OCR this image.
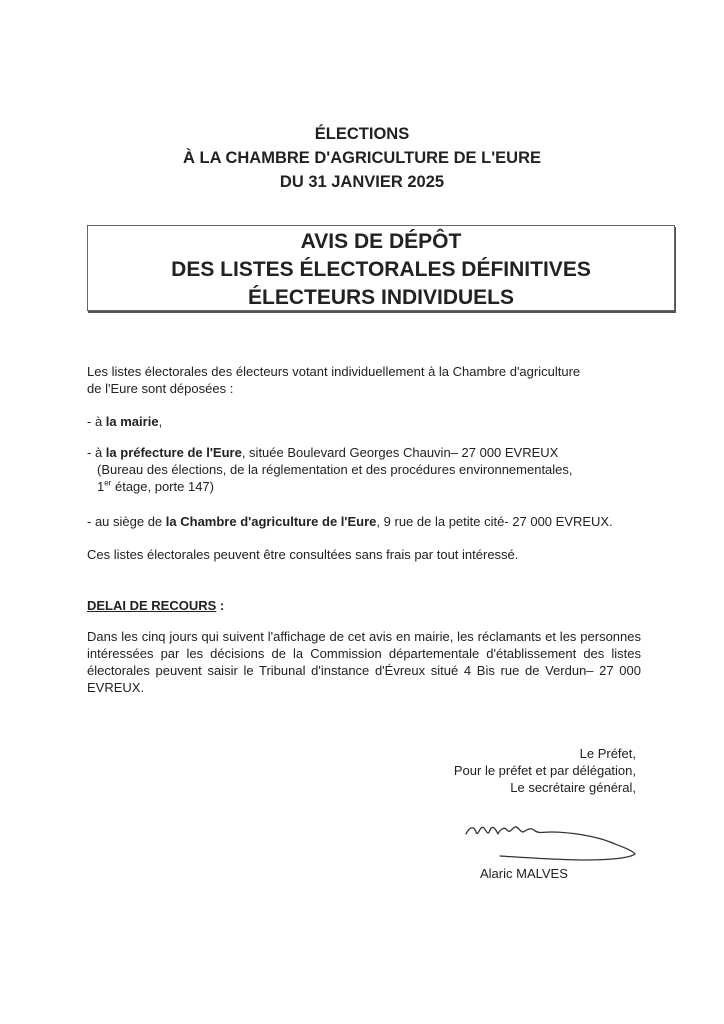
ÉLECTIONS
À LA CHAMBRE D'AGRICULTURE DE L'EURE
DU 31 JANVIER 2025
AVIS DE DÉPÔT
DES LISTES ÉLECTORALES DÉFINITIVES
ÉLECTEURS INDIVIDUELS
Les listes électorales des électeurs votant individuellement à la Chambre d'agriculture
de l'Eure sont déposées :
- à la mairie,
- à la préfecture de l'Eure, située Boulevard Georges Chauvin– 27 000 EVREUX
(Bureau des élections, de la réglementation et des procédures environnementales,
1er étage, porte 147)
- au siège de la Chambre d'agriculture de l'Eure, 9 rue de la petite cité- 27 000 EVREUX.
Ces listes électorales peuvent être consultées sans frais par tout intéressé.
DELAI DE RECOURS :
Dans les cinq jours qui suivent l'affichage de cet avis en mairie, les réclamants et les personnes intéressées par les décisions de la Commission départementale d'établissement des listes électorales peuvent saisir le Tribunal d'instance d'Évreux situé 4 Bis rue de Verdun– 27 000 EVREUX.
Le Préfet,
Pour le préfet et par délégation,
Le secrétaire général,
Alaric MALVES
